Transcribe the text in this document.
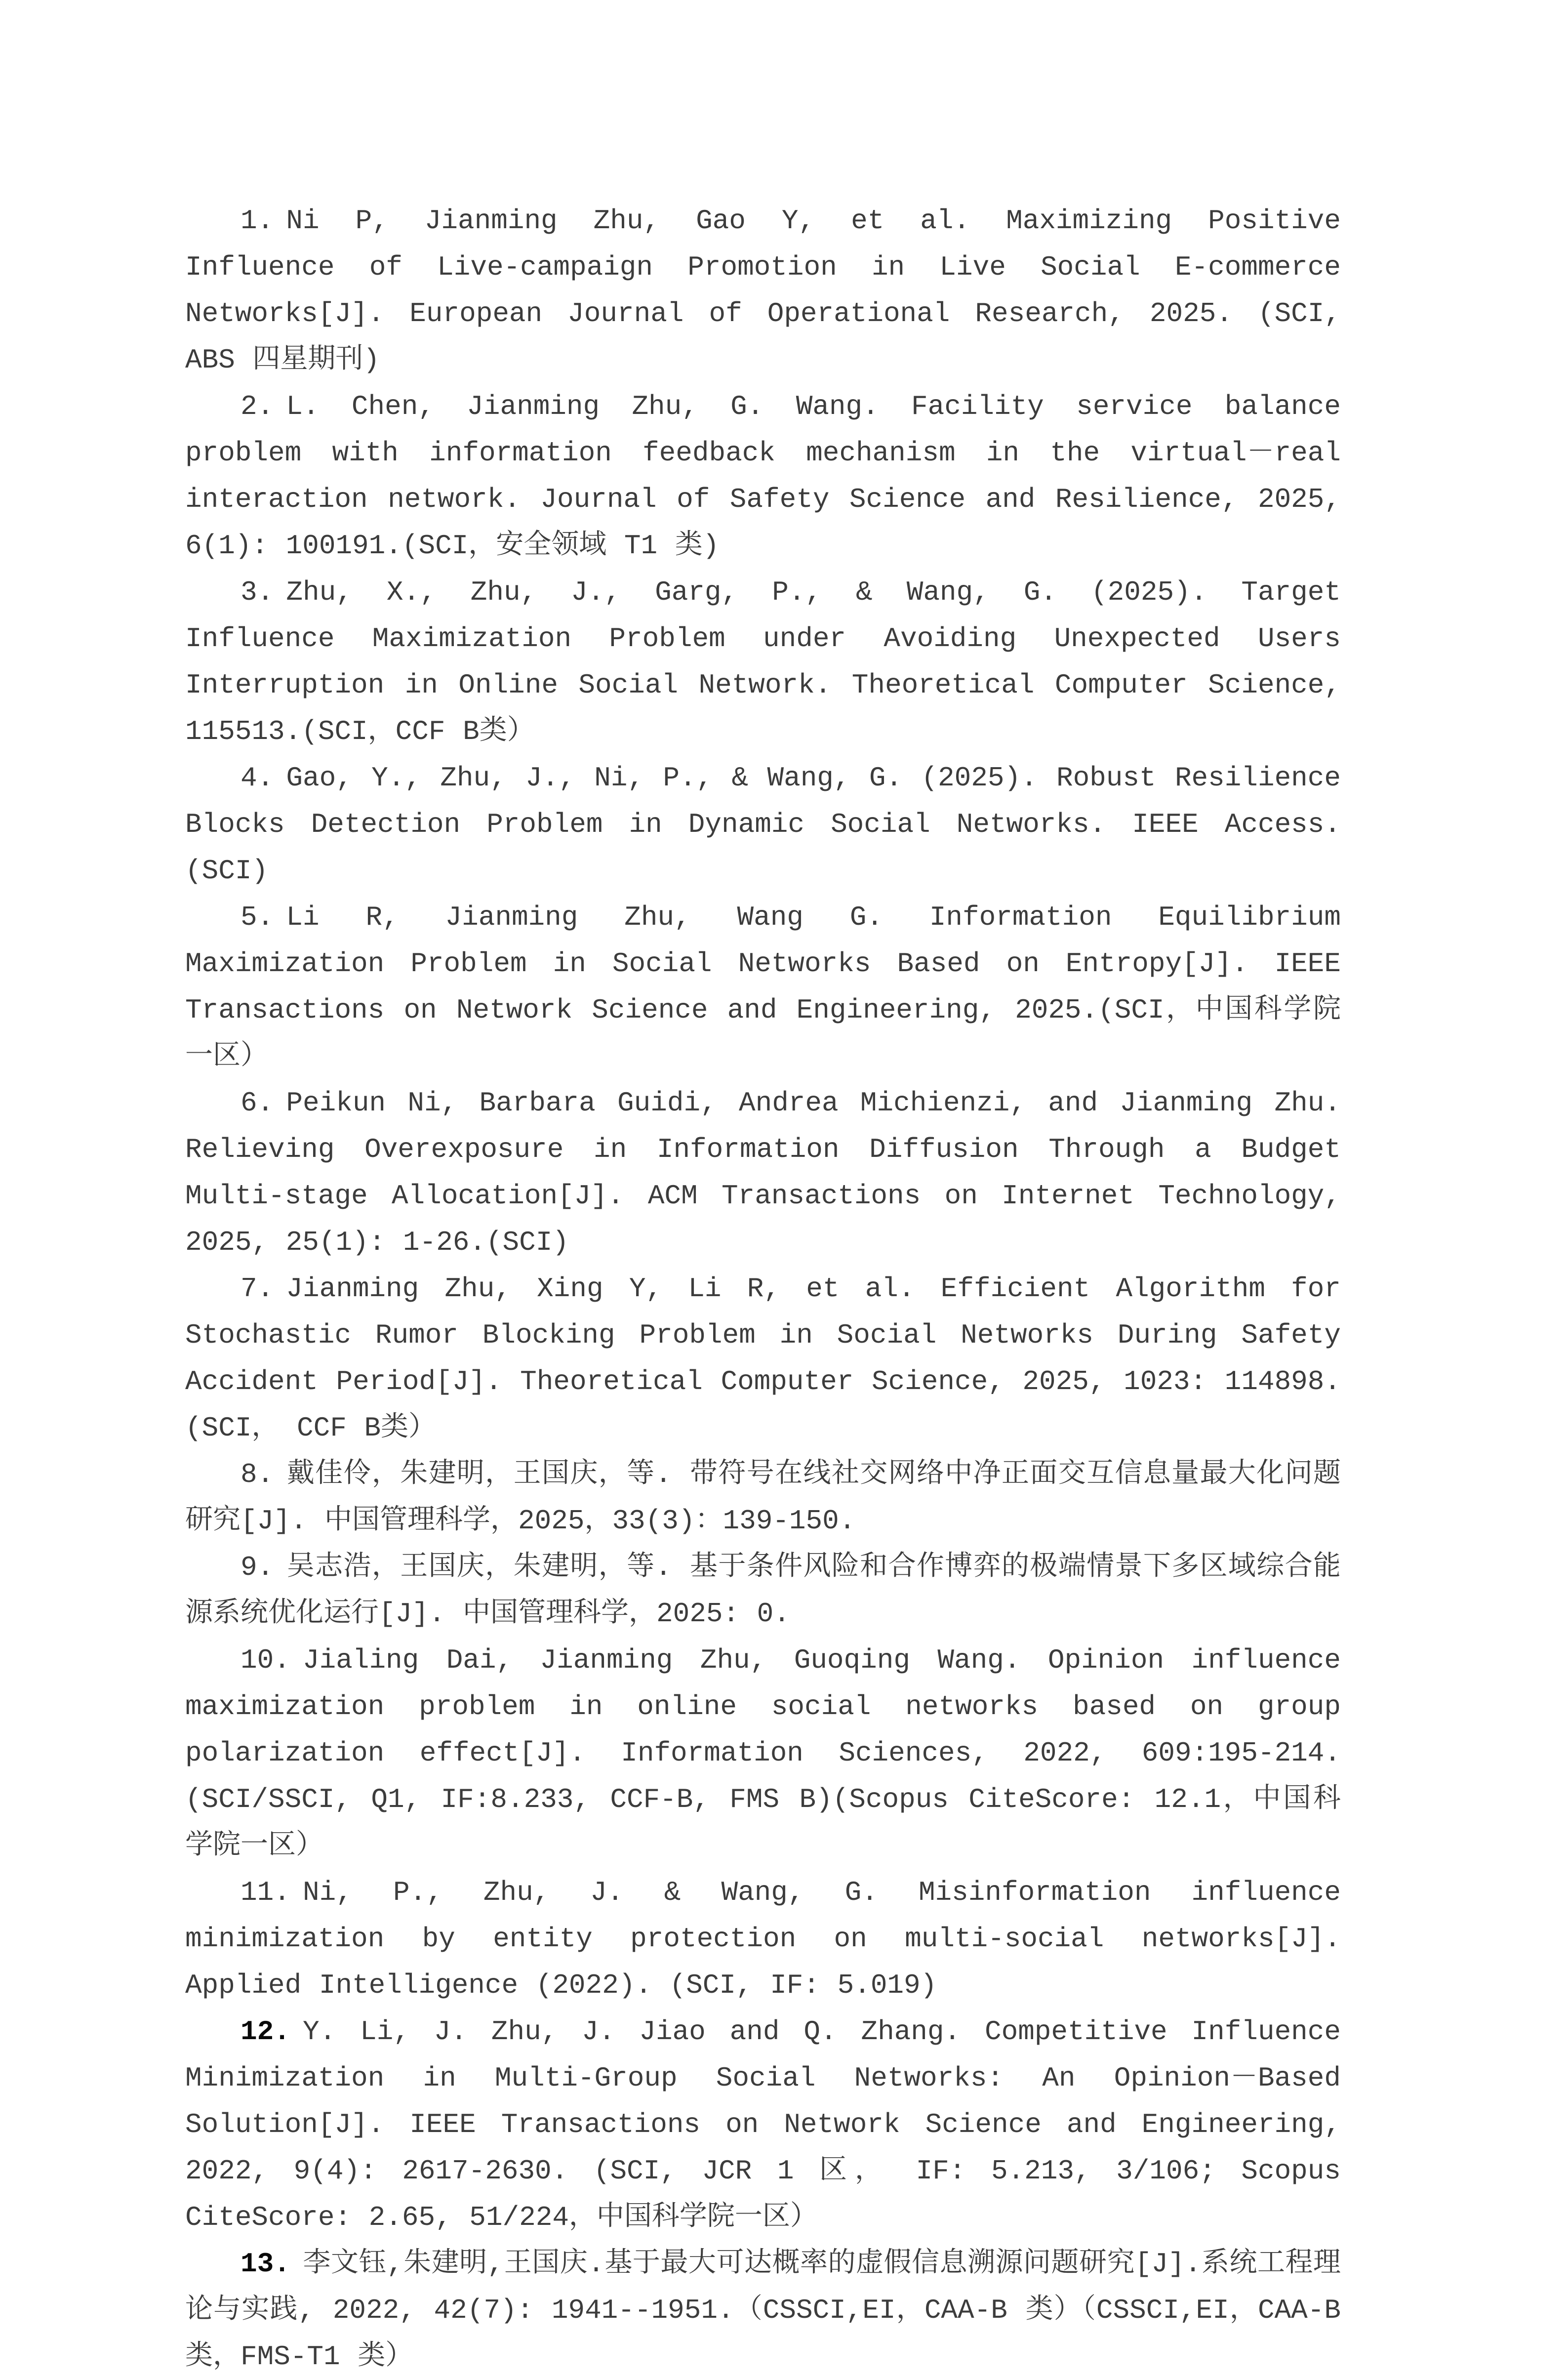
1. Ni P, Jianming Zhu, Gao Y, et al. Maximizing Positive Influence of Live-campaign Promotion in Live Social E-commerce Networks[J]. European Journal of Operational Research, 2025. (SCI, ABS 四星期刊)

2. L. Chen, Jianming Zhu, G. Wang. Facility service balance problem with information feedback mechanism in the virtual－real interaction network. Journal of Safety Science and Resilience, 2025, 6(1): 100191.(SCI，安全领域 T1 类)

3. Zhu, X., Zhu, J., Garg, P., & Wang, G. (2025). Target Influence Maximization Problem under Avoiding Unexpected Users Interruption in Online Social Network. Theoretical Computer Science, 115513.(SCI，CCF B类）

4. Gao, Y., Zhu, J., Ni, P., & Wang, G. (2025). Robust Resilience Blocks Detection Problem in Dynamic Social Networks. IEEE Access. (SCI)

5. Li R, Jianming Zhu, Wang G. Information Equilibrium Maximization Problem in Social Networks Based on Entropy[J]. IEEE Transactions on Network Science and Engineering, 2025.(SCI，中国科学院一区）

6. Peikun Ni, Barbara Guidi, Andrea Michienzi, and Jianming Zhu. Relieving Overexposure in Information Diffusion Through a Budget Multi-stage Allocation[J]. ACM Transactions on Internet Technology, 2025, 25(1): 1-26.(SCI)

7. Jianming Zhu, Xing Y, Li R, et al. Efficient Algorithm for Stochastic Rumor Blocking Problem in Social Networks During Safety Accident Period[J]. Theoretical Computer Science, 2025, 1023: 114898. (SCI， CCF B类）

8. 戴佳伶，朱建明，王国庆，等. 带符号在线社交网络中净正面交互信息量最大化问题研究[J]. 中国管理科学，2025，33(3)：139-150.

9. 吴志浩，王国庆，朱建明，等. 基于条件风险和合作博弈的极端情景下多区域综合能源系统优化运行[J]. 中国管理科学，2025: 0.

10. Jialing Dai, Jianming Zhu, Guoqing Wang. Opinion influence maximization problem in online social networks based on group polarization effect[J]. Information Sciences, 2022, 609:195-214. (SCI/SSCI, Q1, IF:8.233, CCF-B, FMS B)(Scopus CiteScore: 12.1，中国科学院一区）

11. Ni, P., Zhu, J. & Wang, G. Misinformation influence minimization by entity protection on multi-social networks[J]. Applied Intelligence (2022). (SCI, IF: 5.019)

12. Y. Li, J. Zhu, J. Jiao and Q. Zhang. Competitive Influence Minimization in Multi-Group Social Networks: An Opinion－Based Solution[J]. IEEE Transactions on Network Science and Engineering, 2022, 9(4): 2617-2630. (SCI, JCR 1 区， IF: 5.213, 3/106; Scopus CiteScore: 2.65, 51/224，中国科学院一区）

13. 李文钰,朱建明,王国庆.基于最大可达概率的虚假信息溯源问题研究[J].系统工程理论与实践, 2022, 42(7): 1941--1951.（CSSCI,EI，CAA-B 类）（CSSCI,EI，CAA-B 类，FMS-T1 类）
